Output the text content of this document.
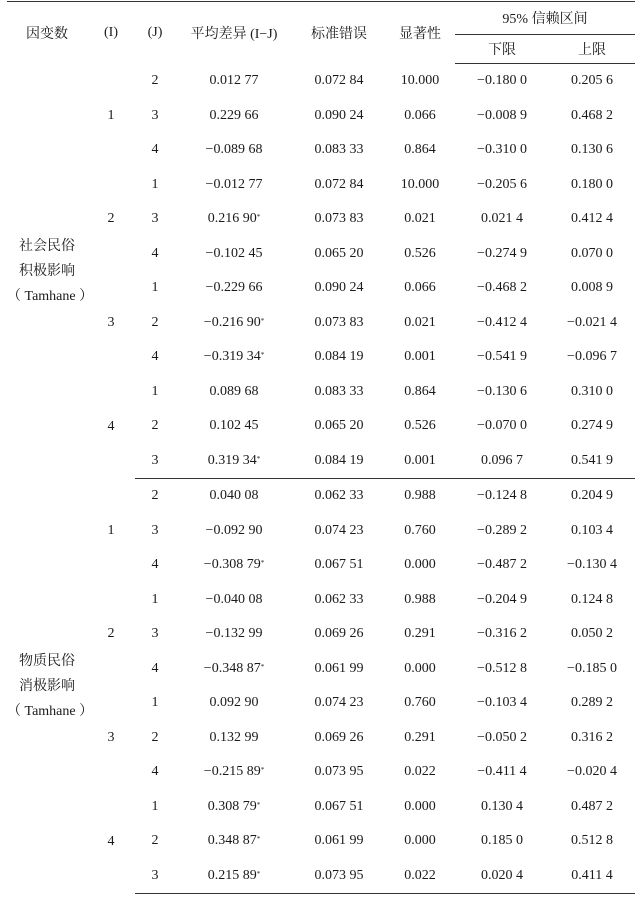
因变数	(I)	(J)	平均差异 (I−J)	标准错误	显著性	95% 信赖区间	
						下限	上限

社会民俗
积极影响
（ Tamhane ）	1	2	0.012 77	0.072 84	10.000	−0.180 0	0.205 6
		3	0.229 66	0.090 24	0.066	−0.008 9	0.468 2
		4	−0.089 68	0.083 33	0.864	−0.310 0	0.130 6
	2	1	−0.012 77	0.072 84	10.000	−0.205 6	0.180 0
		3	0.216 90*	0.073 83	0.021	0.021 4	0.412 4
		4	−0.102 45	0.065 20	0.526	−0.274 9	0.070 0
	3	1	−0.229 66	0.090 24	0.066	−0.468 2	0.008 9
		2	−0.216 90*	0.073 83	0.021	−0.412 4	−0.021 4
		4	−0.319 34*	0.084 19	0.001	−0.541 9	−0.096 7
	4	1	0.089 68	0.083 33	0.864	−0.130 6	0.310 0
		2	0.102 45	0.065 20	0.526	−0.070 0	0.274 9
		3	0.319 34*	0.084 19	0.001	0.096 7	0.541 9

物质民俗
消极影响
（ Tamhane ）	1	2	0.040 08	0.062 33	0.988	−0.124 8	0.204 9
		3	−0.092 90	0.074 23	0.760	−0.289 2	0.103 4
		4	−0.308 79*	0.067 51	0.000	−0.487 2	−0.130 4
	2	1	−0.040 08	0.062 33	0.988	−0.204 9	0.124 8
		3	−0.132 99	0.069 26	0.291	−0.316 2	0.050 2
		4	−0.348 87*	0.061 99	0.000	−0.512 8	−0.185 0
	3	1	0.092 90	0.074 23	0.760	−0.103 4	0.289 2
		2	0.132 99	0.069 26	0.291	−0.050 2	0.316 2
		4	−0.215 89*	0.073 95	0.022	−0.411 4	−0.020 4
	4	1	0.308 79*	0.067 51	0.000	0.130 4	0.487 2
		2	0.348 87*	0.061 99	0.000	0.185 0	0.512 8
		3	0.215 89*	0.073 95	0.022	0.020 4	0.411 4
